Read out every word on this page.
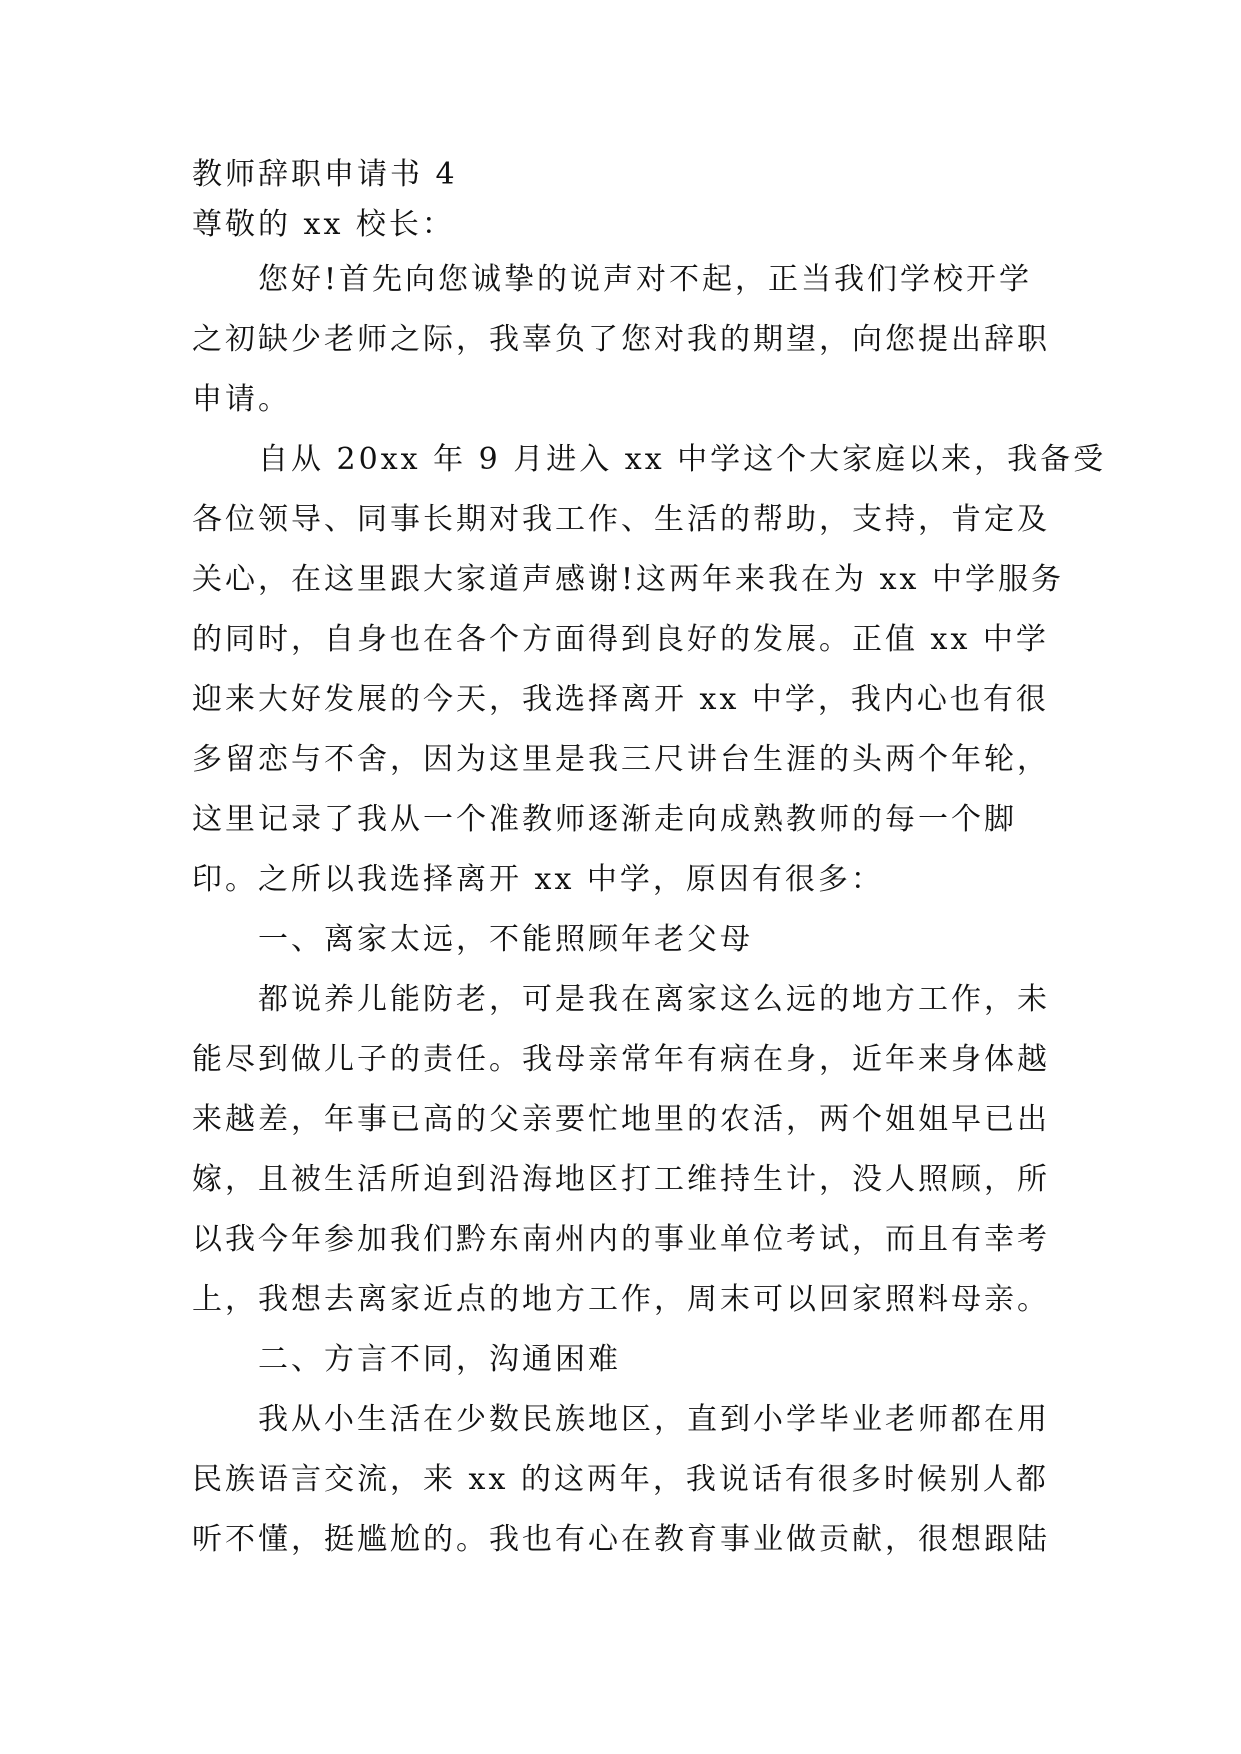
教师辞职申请书 4
尊敬的 xx 校长：
您好!首先向您诚挚的说声对不起，正当我们学校开学
之初缺少老师之际，我辜负了您对我的期望，向您提出辞职
申请。
自从 20xx 年 9 月进入 xx 中学这个大家庭以来，我备受
各位领导、同事长期对我工作、生活的帮助，支持，肯定及
关心，在这里跟大家道声感谢!这两年来我在为 xx 中学服务
的同时，自身也在各个方面得到良好的发展。正值 xx 中学
迎来大好发展的今天，我选择离开 xx 中学，我内心也有很
多留恋与不舍，因为这里是我三尺讲台生涯的头两个年轮，
这里记录了我从一个准教师逐渐走向成熟教师的每一个脚
印。之所以我选择离开 xx 中学，原因有很多：
一、离家太远，不能照顾年老父母
都说养儿能防老，可是我在离家这么远的地方工作，未
能尽到做儿子的责任。我母亲常年有病在身，近年来身体越
来越差，年事已高的父亲要忙地里的农活，两个姐姐早已出
嫁，且被生活所迫到沿海地区打工维持生计，没人照顾，所
以我今年参加我们黔东南州内的事业单位考试，而且有幸考
上，我想去离家近点的地方工作，周末可以回家照料母亲。
二、方言不同，沟通困难
我从小生活在少数民族地区，直到小学毕业老师都在用
民族语言交流，来 xx 的这两年，我说话有很多时候别人都
听不懂，挺尴尬的。我也有心在教育事业做贡献，很想跟陆
